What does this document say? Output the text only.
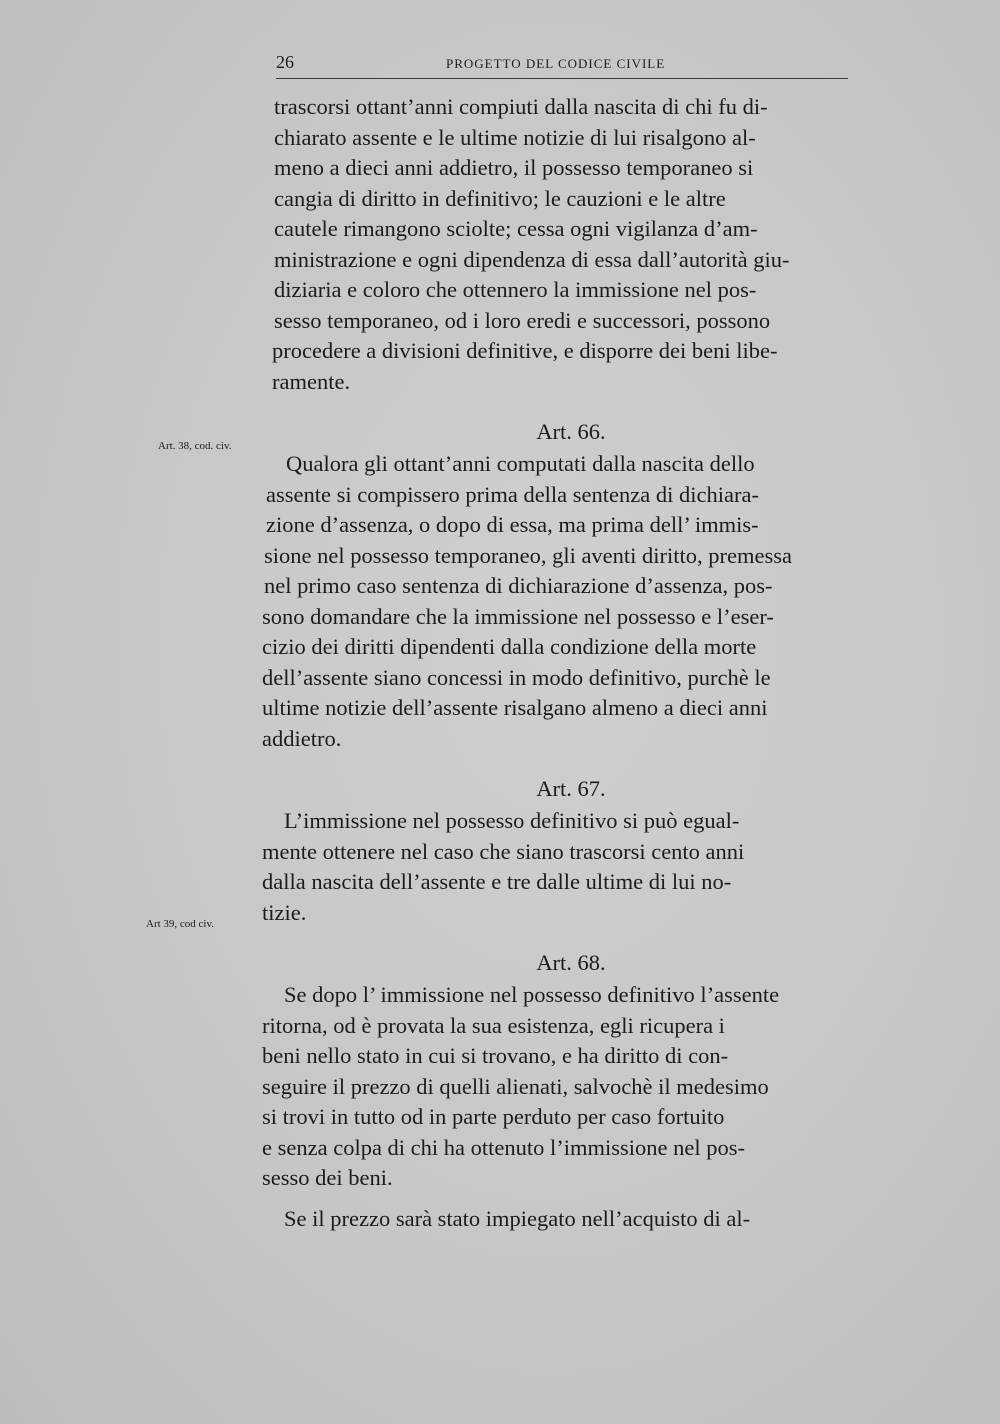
26	PROGETTO DEL CODICE CIVILE
Art. 38, cod. civ.
Art 39, cod civ.
trascorsi ottant’anni compiuti dalla nascita di chi fu di-
chiarato assente e le ultime notizie di lui risalgono al-
meno a dieci anni addietro, il possesso temporaneo si
cangia di diritto in definitivo; le cauzioni e le altre
cautele rimangono sciolte; cessa ogni vigilanza d’am-
ministrazione e ogni dipendenza di essa dall’autorità giu-
diziaria e coloro che ottennero la immissione nel pos-
sesso temporaneo, od i loro eredi e successori, possono
procedere a divisioni definitive, e disporre dei beni libe-
ramente.
Art. 66.
Qualora gli ottant’anni computati dalla nascita dello
assente si compissero prima della sentenza di dichiara-
zione d’assenza, o dopo di essa, ma prima dell’ immis-
sione nel possesso temporaneo, gli aventi diritto, premessa
nel primo caso sentenza di dichiarazione d’assenza, pos-
sono domandare che la immissione nel possesso e l’eser-
cizio dei diritti dipendenti dalla condizione della morte
dell’assente siano concessi in modo definitivo, purchè le
ultime notizie dell’assente risalgano almeno a dieci anni
addietro.
Art. 67.
L’immissione nel possesso definitivo si può egual-
mente ottenere nel caso che siano trascorsi cento anni
dalla nascita dell’assente e tre dalle ultime di lui no-
tizie.
Art. 68.
Se dopo l’ immissione nel possesso definitivo l’assente
ritorna, od è provata la sua esistenza, egli ricupera i
beni nello stato in cui si trovano, e ha diritto di con-
seguire il prezzo di quelli alienati, salvochè il medesimo
si trovi in tutto od in parte perduto per caso fortuito
e senza colpa di chi ha ottenuto l’immissione nel pos-
sesso dei beni.
Se il prezzo sarà stato impiegato nell’acquisto di al-
